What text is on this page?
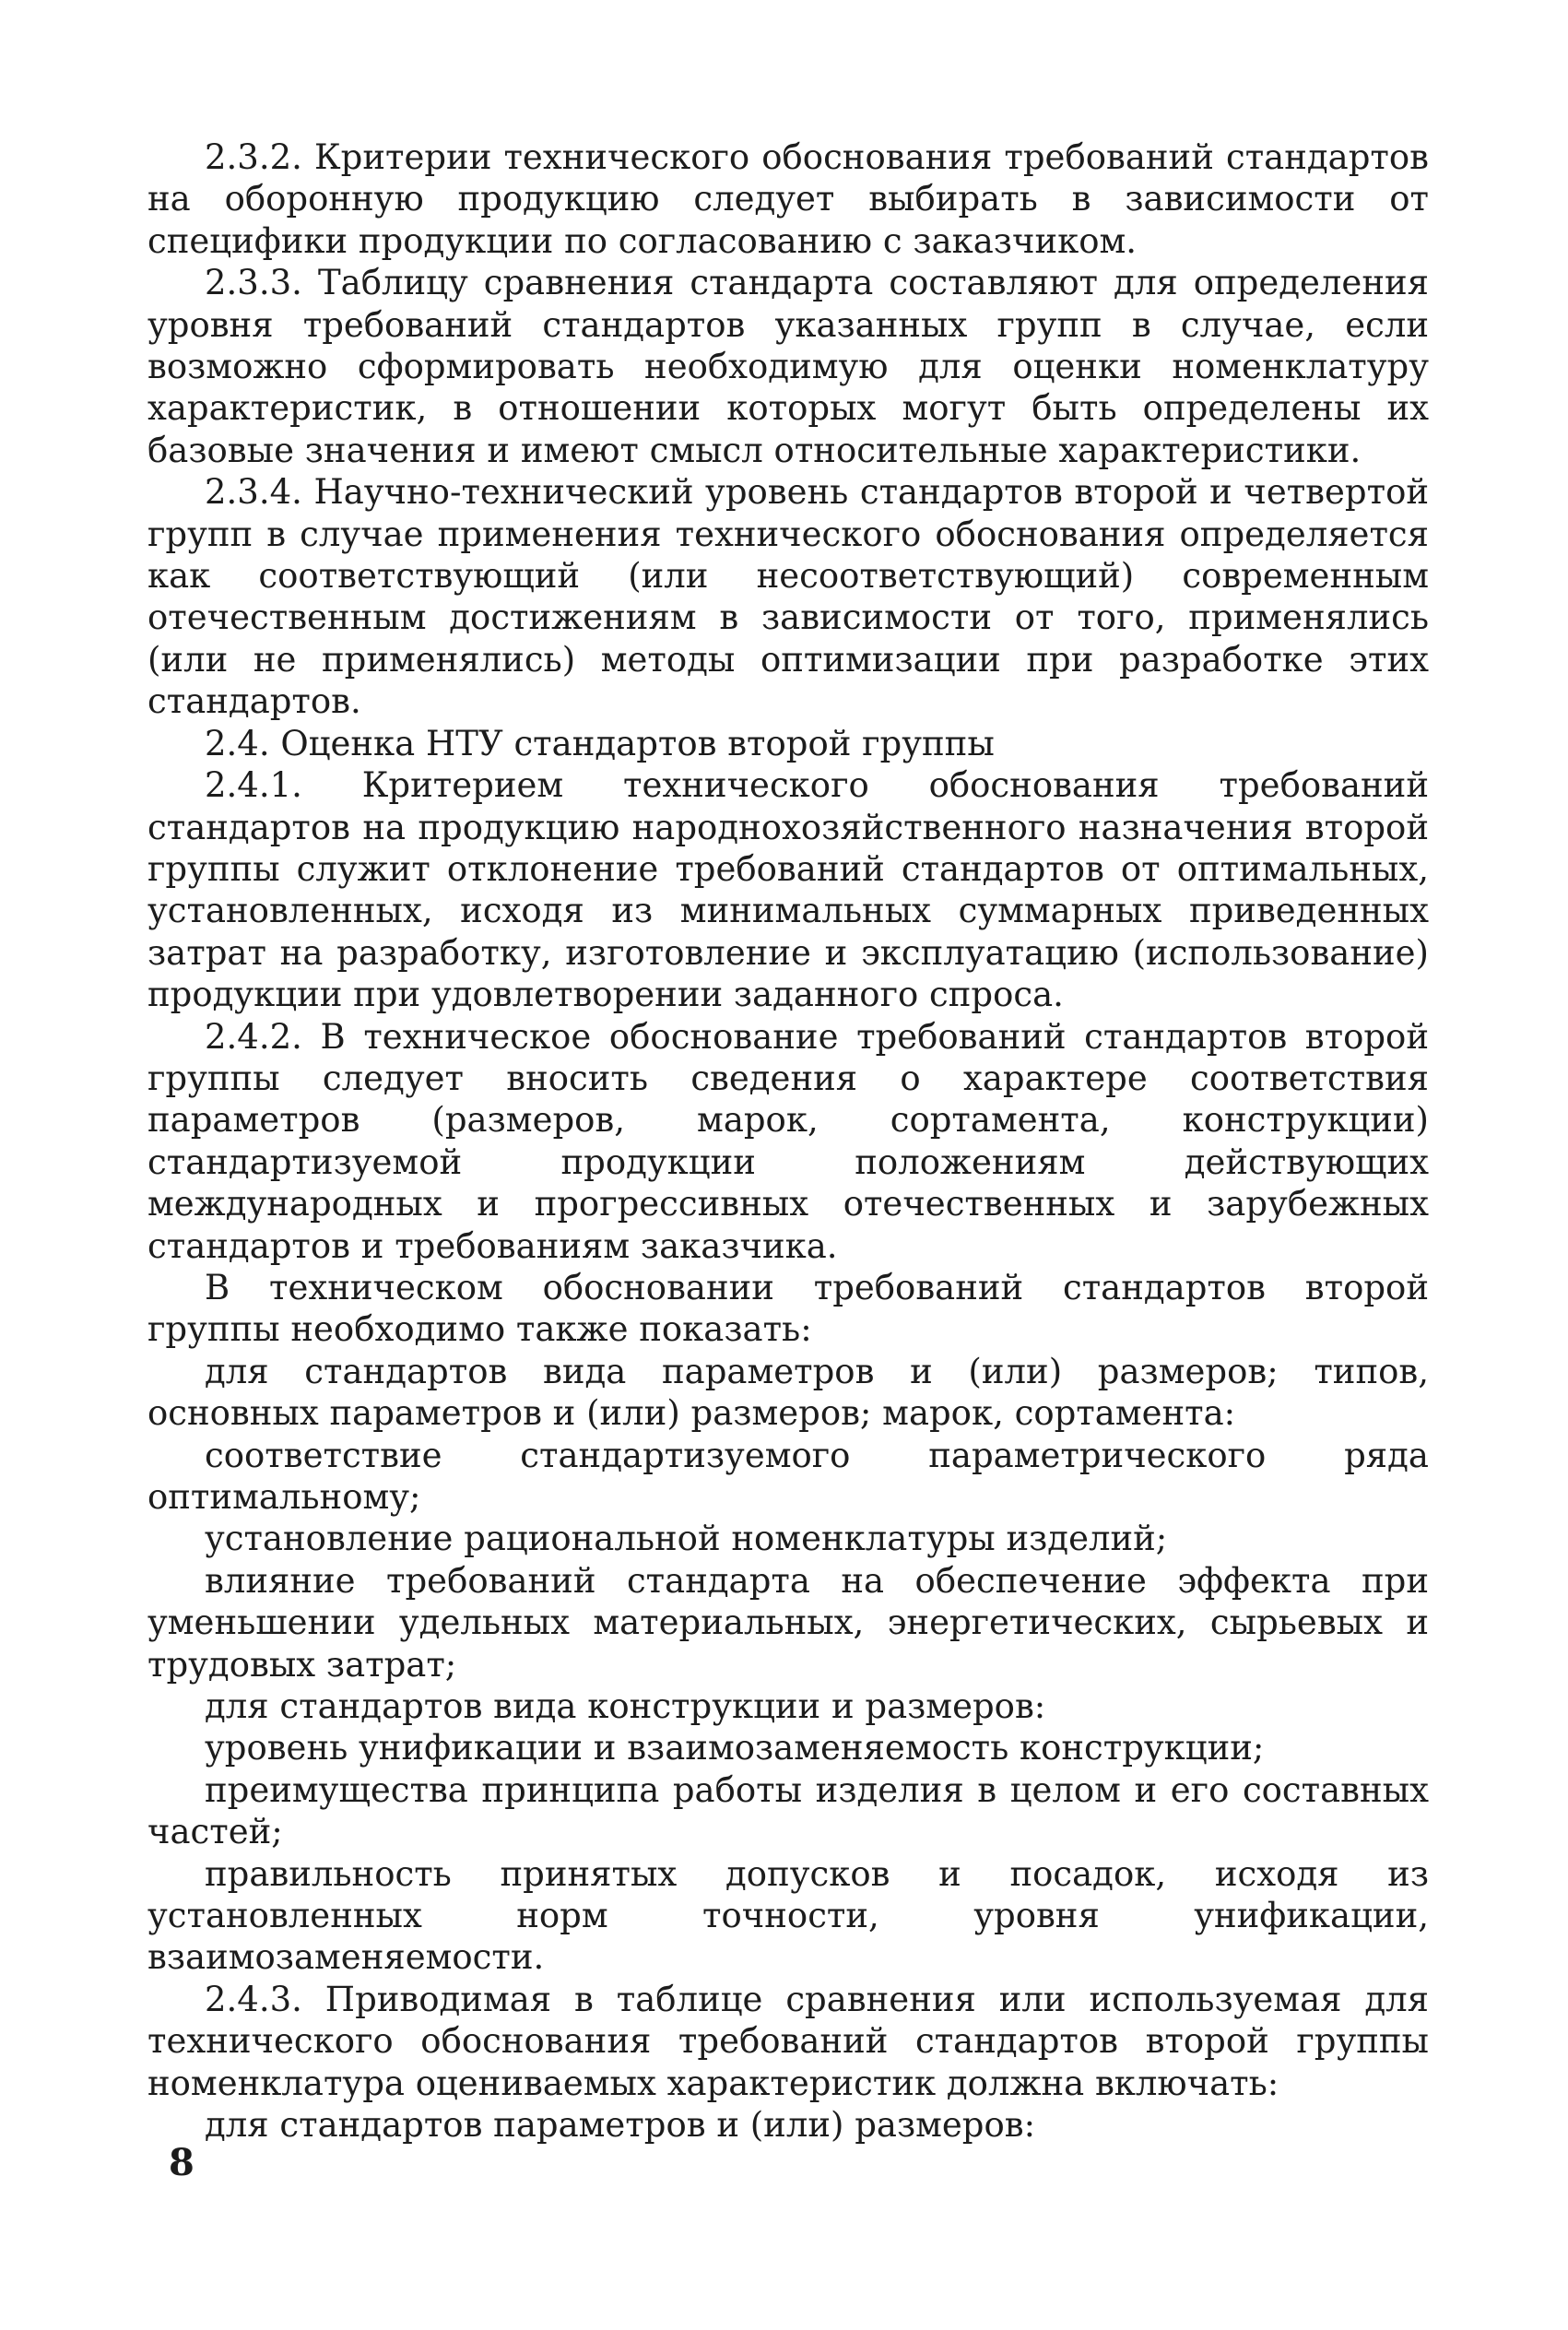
2.3.2. Критерии технического обоснования требований стандартов на оборонную продукцию следует выбирать в зависимости от специфики продукции по согласованию с заказчиком.

2.3.3. Таблицу сравнения стандарта составляют для определения уровня требований стандартов указанных групп в случае, если возможно сформировать необходимую для оценки номенклатуру характеристик, в отношении которых могут быть определены их базовые значения и имеют смысл относительные характеристики.

2.3.4. Научно-технический уровень стандартов второй и четвертой групп в случае применения технического обоснования определяется как соответствующий (или несоответствующий) современным отечественным достижениям в зависимости от того, применялись (или не применялись) методы оптимизации при разработке этих стандартов.

2.4. Оценка НТУ стандартов второй группы

2.4.1. Критерием технического обоснования требований стандартов на продукцию народнохозяйственного назначения второй группы служит отклонение требований стандартов от оптимальных, установленных, исходя из минимальных суммарных приведенных затрат на разработку, изготовление и эксплуатацию (использование) продукции при удовлетворении заданного спроса.

2.4.2. В техническое обоснование требований стандартов второй группы следует вносить сведения о характере соответствия параметров (размеров, марок, сортамента, конструкции) стандартизуемой продукции положениям действующих международных и прогрессивных отечественных и зарубежных стандартов и требованиям заказчика.

В техническом обосновании требований стандартов второй группы необходимо также показать:

для стандартов вида параметров и (или) размеров; типов, основных параметров и (или) размеров; марок, сортамента:

соответствие стандартизуемого параметрического ряда оптимальному;

установление рациональной номенклатуры изделий;

влияние требований стандарта на обеспечение эффекта при уменьшении удельных материальных, энергетических, сырьевых и трудовых затрат;

для стандартов вида конструкции и размеров:

уровень унификации и взаимозаменяемость конструкции;

преимущества принципа работы изделия в целом и его составных частей;

правильность принятых допусков и посадок, исходя из установленных норм точности, уровня унификации, взаимозаменяемости.

2.4.3. Приводимая в таблице сравнения или используемая для технического обоснования требований стандартов второй группы номенклатура оцениваемых характеристик должна включать:

для стандартов параметров и (или) размеров:

8
